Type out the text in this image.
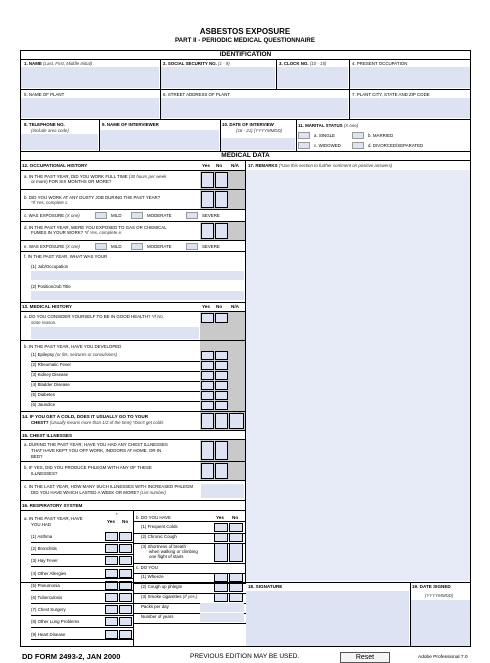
ASBESTOS EXPOSURE
PART II - PERIODIC MEDICAL QUESTIONNAIRE
IDENTIFICATION
1. NAME (Last, First, Middle Initial)	2. SOCIAL SECURITY NO. (1 - 9)	3. CLOCK NO. (10 - 15)	4. PRESENT OCCUPATION
5. NAME OF PLANT	6. STREET ADDRESS OF PLANT	7. PLANT CITY, STATE AND ZIP CODE
8. TELEPHONE NO.
(Include area code)
9. NAME OF INTERVIEWER	10. DATE OF INTERVIEW
(16 - 21) (YYYYMMDD)
11. MARITAL STATUS (X one)
a. SINGLE	b. MARRIED
c. WIDOWED	d. DIVORCED/SEPARATED
MEDICAL DATA
17. REMARKS (*Use this section to further comment on positive answers)
12. OCCUPATIONAL HISTORY	Yes No N/A
a. IN THE PAST YEAR, DID YOU WORK FULL TIME (30 hours per week
or more) FOR SIX MONTHS OR MORE?
b. DID YOU WORK AT ANY DUSTY JOB DURING THE PAST YEAR?
*If Yes, complete c.
c. WAS EXPOSURE (X one)	MILD	MODERATE	SEVERE
d. IN THE PAST YEAR, WERE YOU EXPOSED TO GAS OR CHEMICAL
FUMES IN YOUR WORK? *If Yes, complete e.
e. WAS EXPOSURE (X one)	MILD	MODERATE	SEVERE
f. IN THE PAST YEAR, WHAT WAS YOUR
(1) Job/Occupation
(2) Position/Job Title
13. MEDICAL HISTORY	Yes No N/A
a. DO YOU CONSIDER YOURSELF TO BE IN GOOD HEALTH? *If No,
state reason.
b. IN THE PAST YEAR, HAVE YOU DEVELOPED
(1) Epilepsy (or fits, seizures or convulsions)
(2) Rheumatic Fever
(3) Kidney Disease
(4) Bladder Disease
(5) Diabetes
(6) Jaundice
14. IF YOU GET A COLD, DOES IT USUALLY GO TO YOUR
CHEST? (Usually means more than 1/2 of the time) *Don't get colds
*
15. CHEST ILLNESSES
a. DURING THE PAST YEAR, HAVE YOU HAD ANY CHEST ILLNESSES
THAT HAVE KEPT YOU OFF WORK, INDOORS AT HOME, OR IN
BED?
b. IF YES, DID YOU PRODUCE PHLEGM WITH ANY OF THESE
ILLNESSES?
c. IN THE LAST YEAR, HOW MANY SUCH ILLNESSES WITH INCREASED PHLEGM
DID YOU HAVE WHICH LASTED A WEEK OR MORE? (List number)
16. RESPIRATORY SYSTEM
a. IN THE PAST YEAR, HAVE
YOU HAD
Yes No
*
b. DO YOU HAVE	Yes No
(1) Asthma
(2) Bronchitis
(3) Hay Fever
(4) Other Allergies
(5) Pneumonia
(6) Tuberculosis
(7) Chest Surgery
(8) Other Lung Problems
(9) Heart Disease
(1) Frequent Colds
(2) Chronic Cough
(3) Shortness of breath
when walking or climbing
one flight of stairs
c. DO YOU
(1) Wheeze
(2) Cough up phlegm
(3) Smoke cigarettes (If yes.)
Packs per day
Number of years
18. SIGNATURE	19. DATE SIGNED
(YYYYMMDD)
DD FORM 2493-2, JAN 2000	PREVIOUS EDITION MAY BE USED.	Reset	Adobe Professional 7.0
